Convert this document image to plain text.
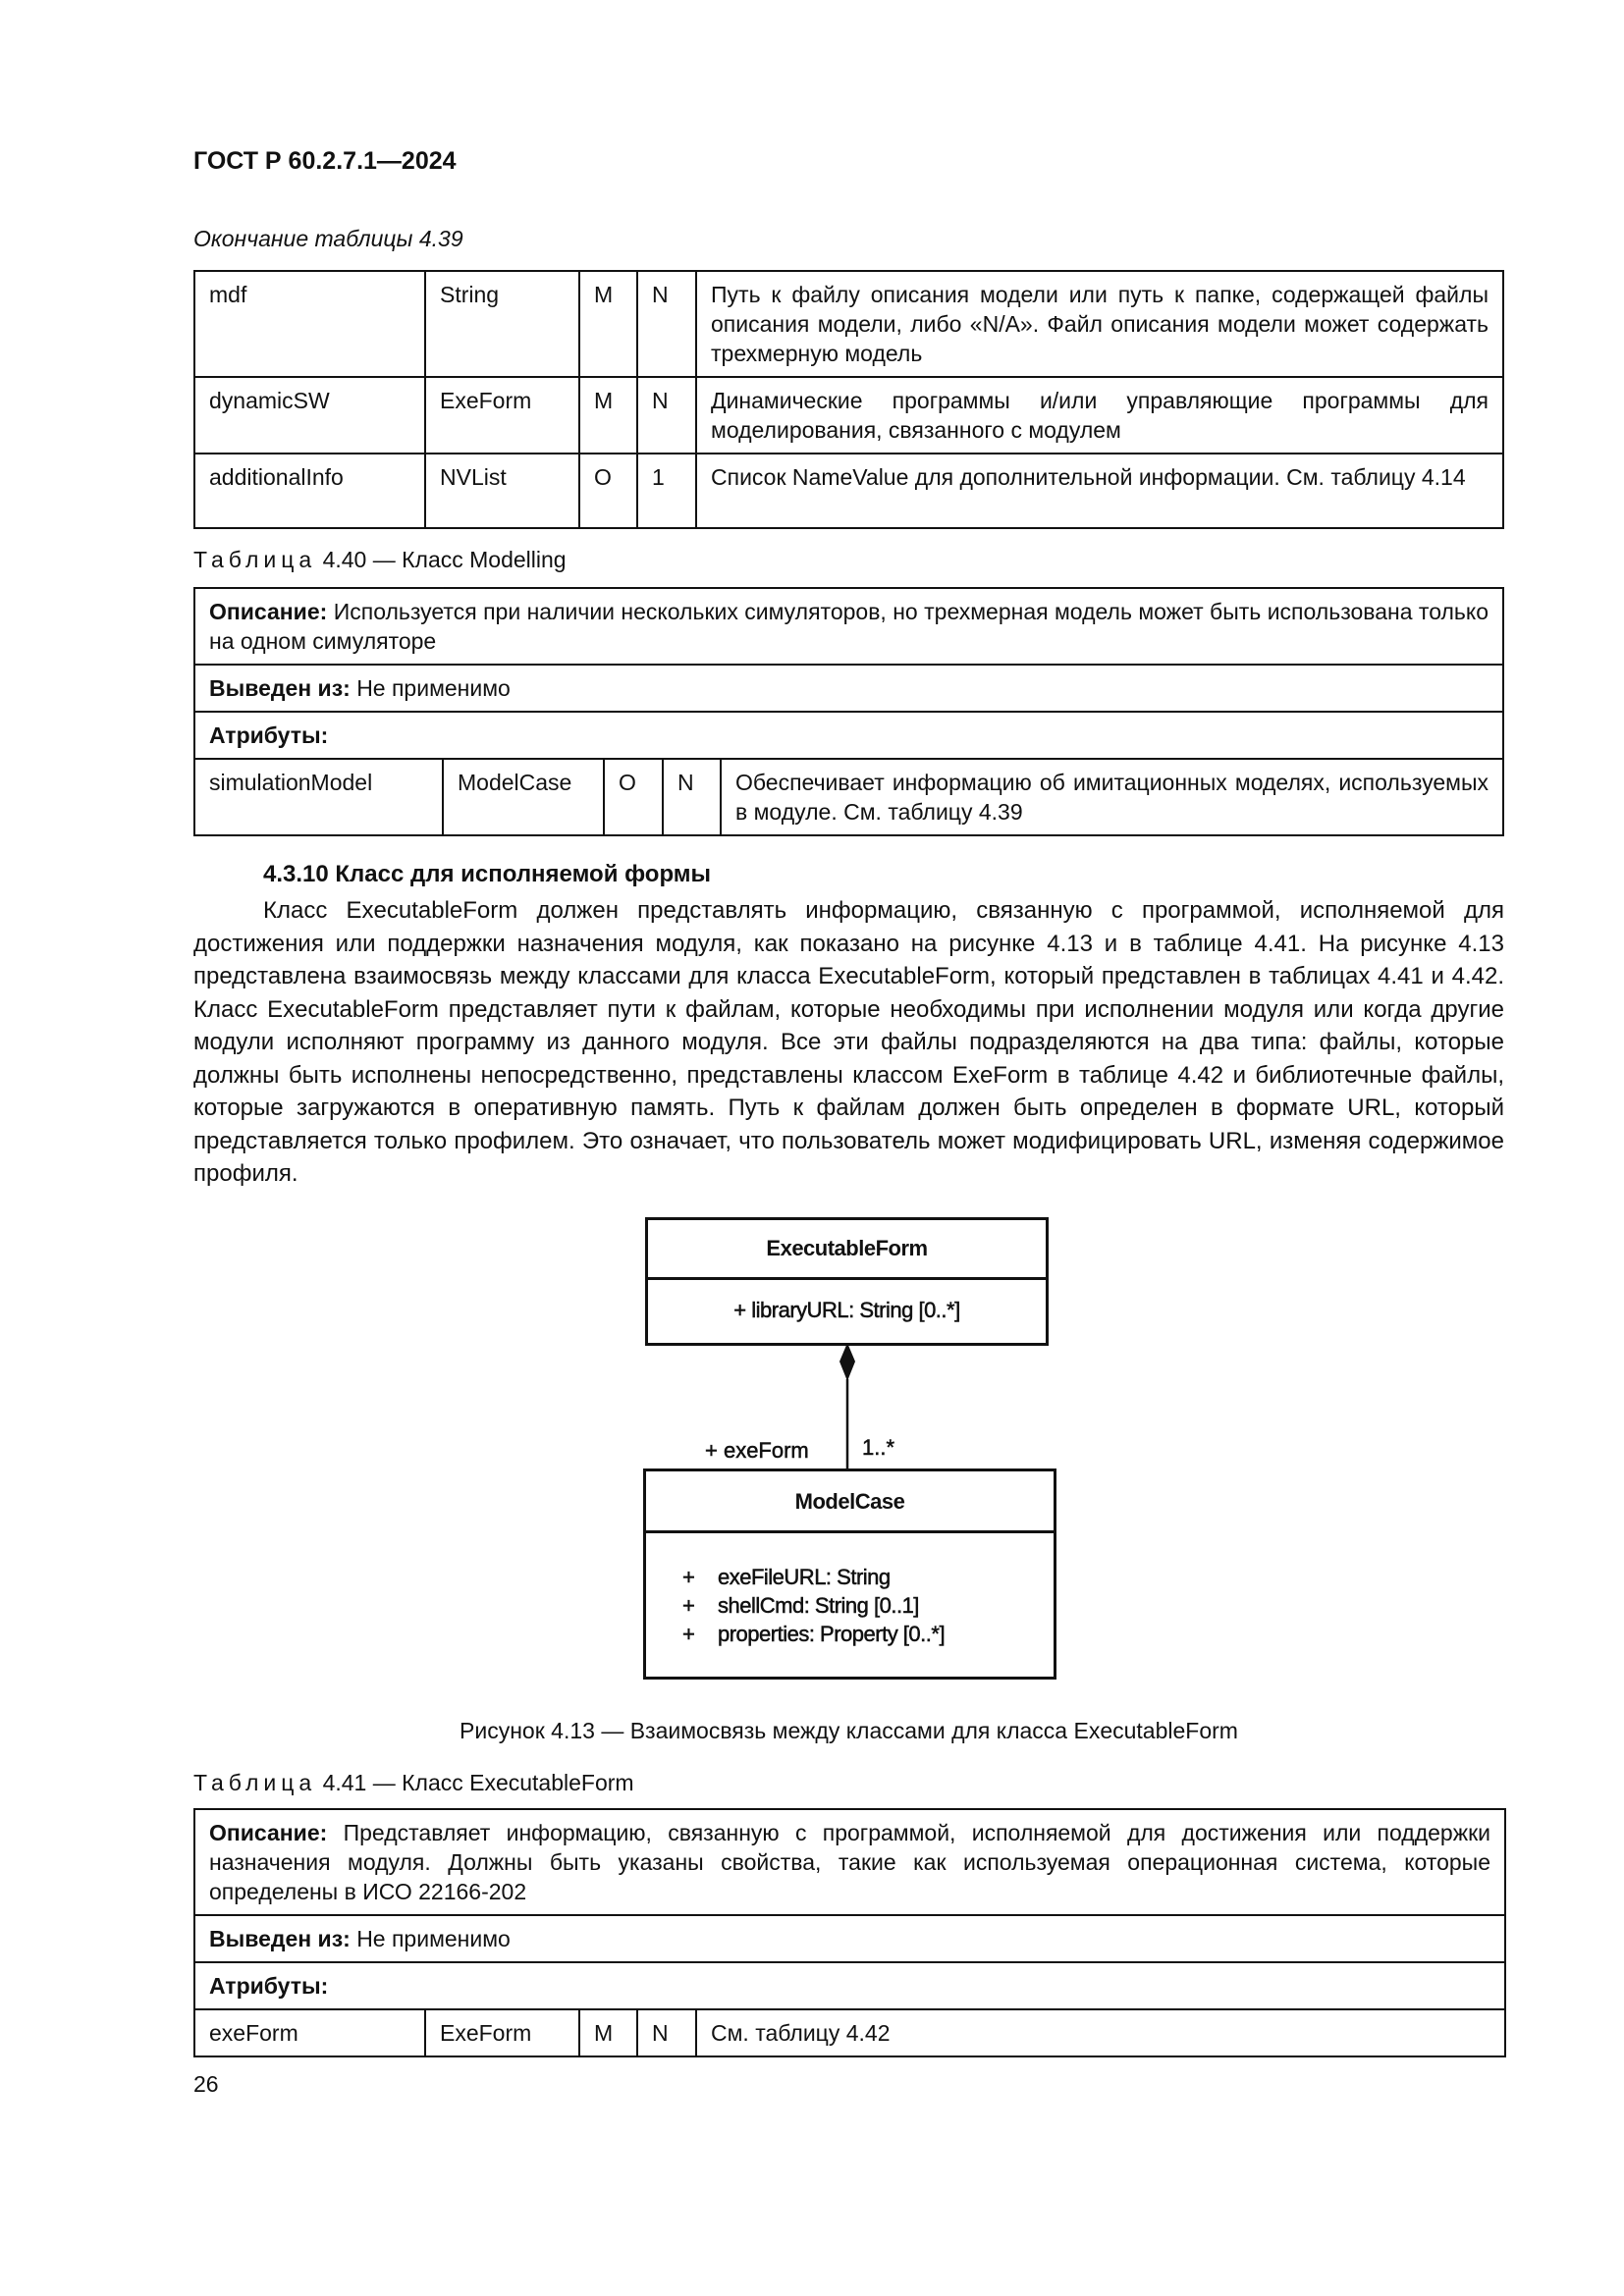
ГОСТ Р 60.2.7.1—2024
Окончание таблицы 4.39
mdf	String	M	N	Путь к файлу описания модели или путь к папке, содержащей файлы описания модели, либо «N/A». Файл описания модели может содержать трехмерную модель
dynamicSW	ExeForm	M	N	Динамические программы и/или управляющие программы для моделирования, связанного с модулем
additionalInfo	NVList	O	1	Список NameValue для дополнительной информации. См. таблицу 4.14
Таблица 4.40 — Класс Modelling
Описание: Используется при наличии нескольких симуляторов, но трехмерная модель может быть использована только на одном симуляторе
Выведен из: Не применимо
Атрибуты:
simulationModel	ModelCase	O	N	Обеспечивает информацию об имитационных моделях, используемых в модуле. См. таблицу 4.39
4.3.10 Класс для исполняемой формы
Класс ExecutableForm должен представлять информацию, связанную с программой, исполняемой для достижения или поддержки назначения модуля, как показано на рисунке 4.13 и в таблице 4.41. На рисунке 4.13 представлена взаимосвязь между классами для класса ExecutableForm, который представлен в таблицах 4.41 и 4.42. Класс ExecutableForm представляет пути к файлам, которые необходимы при исполнении модуля или когда другие модули исполняют программу из данного модуля. Все эти файлы подразделяются на два типа: файлы, которые должны быть исполнены непосредственно, представлены классом ExeForm в таблице 4.42 и библиотечные файлы, которые загружаются в оперативную память. Путь к файлам должен быть определен в формате URL, который представляется только профилем. Это означает, что пользователь может модифицировать URL, изменяя содержимое профиля.
ExecutableForm
+ libraryURL: String [0..*]
+ exeForm 1..*
ModelCase
+ exeFileURL: String
+ shellCmd: String [0..1]
+ properties: Property [0..*]
Рисунок 4.13 — Взаимосвязь между классами для класса ExecutableForm
Таблица 4.41 — Класс ExecutableForm
Описание: Представляет информацию, связанную с программой, исполняемой для достижения или поддержки назначения модуля. Должны быть указаны свойства, такие как используемая операционная система, которые определены в ИСО 22166-202
Выведен из: Не применимо
Атрибуты:
exeForm	ExeForm	M	N	См. таблицу 4.42
26
